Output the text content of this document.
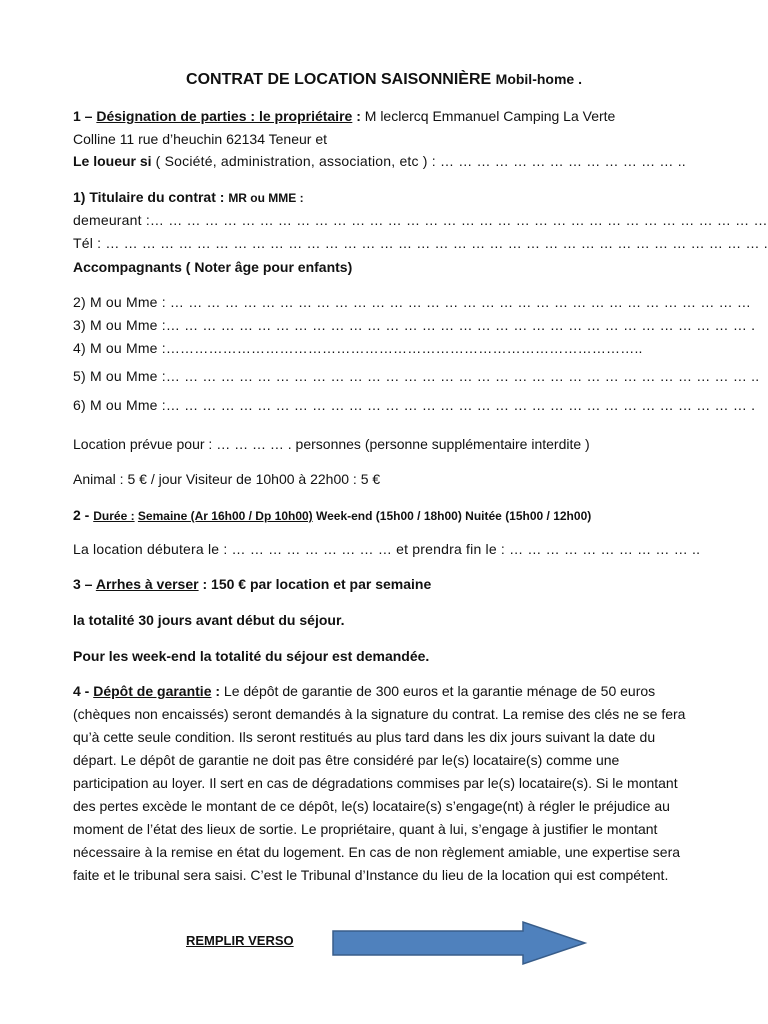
CONTRAT DE LOCATION SAISONNIÈRE Mobil-home .
1 – Désignation de parties : le propriétaire : M leclercq Emmanuel Camping La Verte
Colline 11 rue d’heuchin 62134 Teneur et
Le loueur si ( Société, administration, association, etc ) : … … … … … … … … … … … … … ..
1) Titulaire du contrat : MR ou MME :
demeurant :… … … … … … … … … … … … … … … … … … … … … … … … … … … … … … … … … …
Tél : … … … … … … … … … … … … … … … … … … … … … … … … … … … … … … … … … … … … .
Accompagnants ( Noter âge pour enfants)
2) M ou Mme : … … … … … … … … … … … … … … … … … … … … … … … … … … … … … … … …
3) M ou Mme :… … … … … … … … … … … … … … … … … … … … … … … … … … … … … … … … .
4) M ou Mme :………………………………………………………………………………………..
5) M ou Mme :… … … … … … … … … … … … … … … … … … … … … … … … … … … … … … … … ..
6) M ou Mme :… … … … … … … … … … … … … … … … … … … … … … … … … … … … … … … … .
Location prévue pour : … … … … . personnes (personne supplémentaire interdite )
Animal : 5 € / jour Visiteur de 10h00 à 22h00 : 5 €
2 - Durée : Semaine (Ar 16h00 / Dp 10h00) Week-end (15h00 / 18h00) Nuitée (15h00 / 12h00)
La location débutera le : … … … … … … … … … et prendra fin le : … … … … … … … … … … ..
3 – Arrhes à verser : 150 € par location et par semaine
la totalité 30 jours avant début du séjour.
Pour les week-end la totalité du séjour est demandée.
4 - Dépôt de garantie : Le dépôt de garantie de 300 euros et la garantie ménage de 50 euros (chèques non encaissés) seront demandés à la signature du contrat. La remise des clés ne se fera qu’à cette seule condition. Ils seront restitués au plus tard dans les dix jours suivant la date du départ. Le dépôt de garantie ne doit pas être considéré par le(s) locataire(s) comme une participation au loyer. Il sert en cas de dégradations commises par le(s) locataire(s). Si le montant des pertes excède le montant de ce dépôt, le(s) locataire(s) s’engage(nt) à régler le préjudice au moment de l’état des lieux de sortie. Le propriétaire, quant à lui, s’engage à justifier le montant nécessaire à la remise en état du logement. En cas de non règlement amiable, une expertise sera faite et le tribunal sera saisi. C’est le Tribunal d’Instance du lieu de la location qui est compétent.
REMPLIR VERSO
